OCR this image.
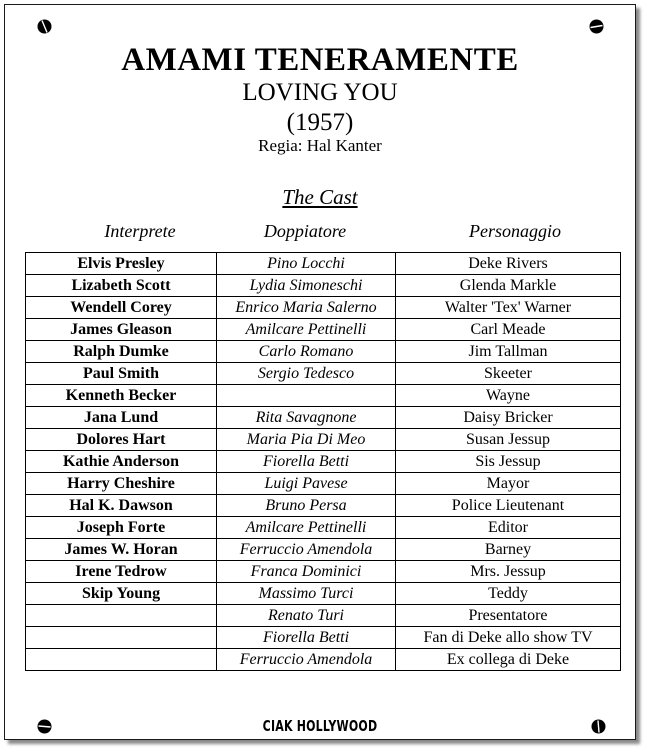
AMAMI TENERAMENTE
LOVING YOU
(1957)
Regia: Hal Kanter
The Cast
Interprete	Doppiatore	Personaggio
Elvis Presley	Pino Locchi	Deke Rivers
Lizabeth Scott	Lydia Simoneschi	Glenda Markle
Wendell Corey	Enrico Maria Salerno	Walter 'Tex' Warner
James Gleason	Amilcare Pettinelli	Carl Meade
Ralph Dumke	Carlo Romano	Jim Tallman
Paul Smith	Sergio Tedesco	Skeeter
Kenneth Becker		Wayne
Jana Lund	Rita Savagnone	Daisy Bricker
Dolores Hart	Maria Pia Di Meo	Susan Jessup
Kathie Anderson	Fiorella Betti	Sis Jessup
Harry Cheshire	Luigi Pavese	Mayor
Hal K. Dawson	Bruno Persa	Police Lieutenant
Joseph Forte	Amilcare Pettinelli	Editor
James W. Horan	Ferruccio Amendola	Barney
Irene Tedrow	Franca Dominici	Mrs. Jessup
Skip Young	Massimo Turci	Teddy
	Renato Turi	Presentatore
	Fiorella Betti	Fan di Deke allo show TV
	Ferruccio Amendola	Ex collega di Deke
CIAK HOLLYWOOD
